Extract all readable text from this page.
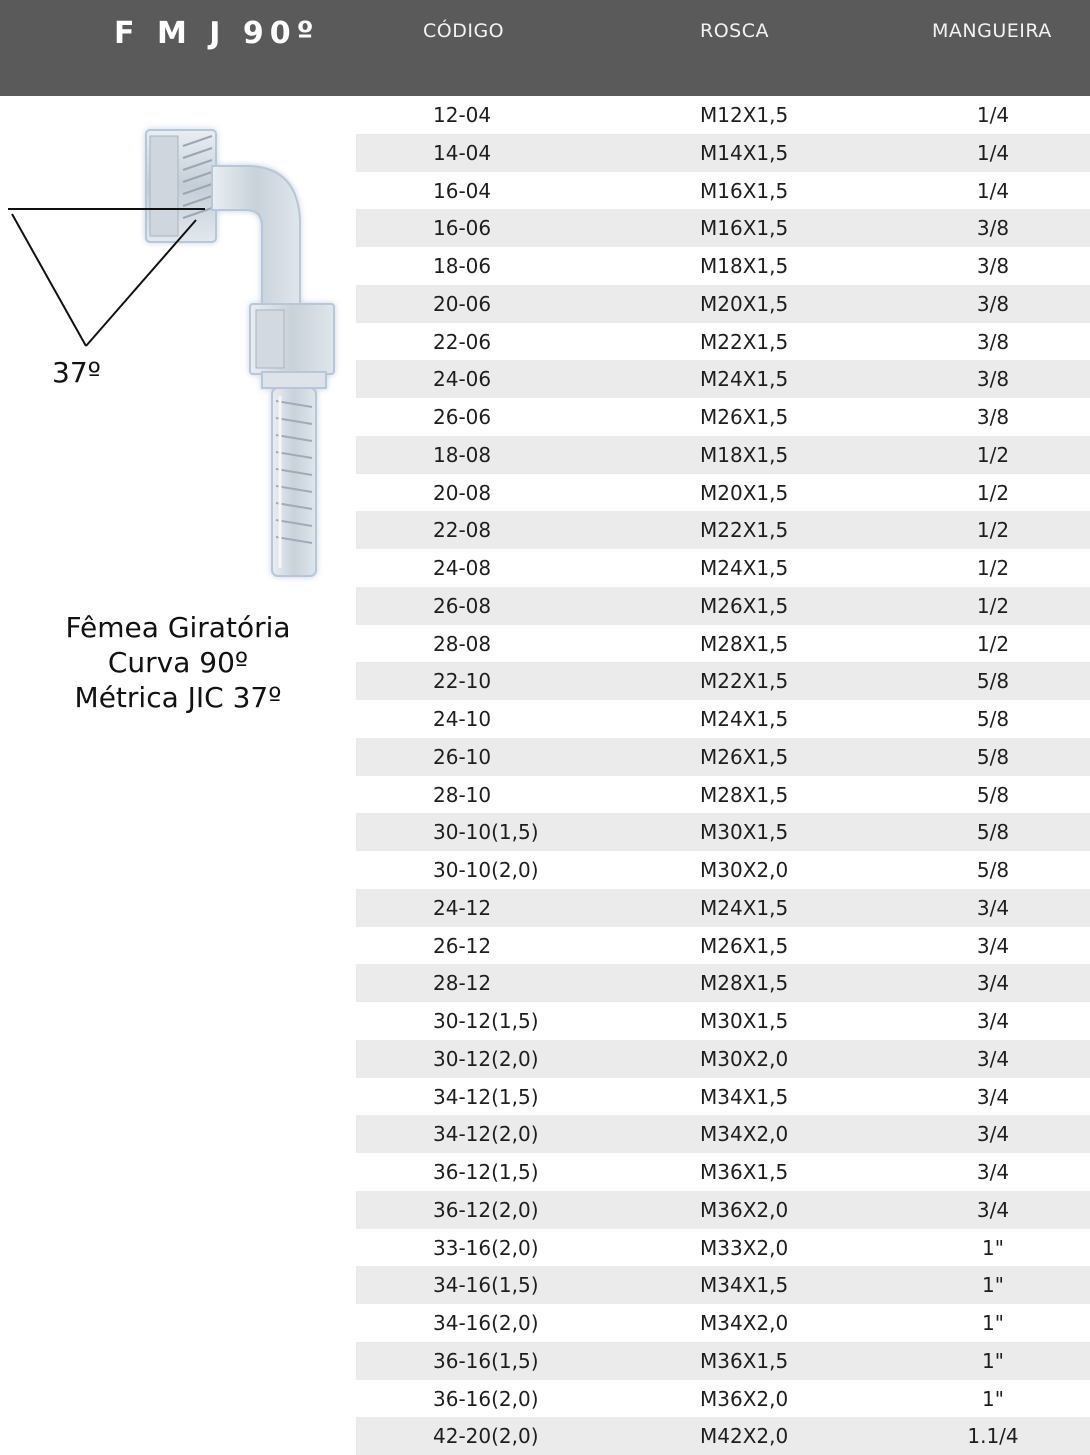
F M J 90º	CÓDIGO	ROSCA	MANGUEIRA
37º
Fêmea Giratória
Curva 90º
Métrica JIC 37º
12-04	M12X1,5	1/4
14-04	M14X1,5	1/4
16-04	M16X1,5	1/4
16-06	M16X1,5	3/8
18-06	M18X1,5	3/8
20-06	M20X1,5	3/8
22-06	M22X1,5	3/8
24-06	M24X1,5	3/8
26-06	M26X1,5	3/8
18-08	M18X1,5	1/2
20-08	M20X1,5	1/2
22-08	M22X1,5	1/2
24-08	M24X1,5	1/2
26-08	M26X1,5	1/2
28-08	M28X1,5	1/2
22-10	M22X1,5	5/8
24-10	M24X1,5	5/8
26-10	M26X1,5	5/8
28-10	M28X1,5	5/8
30-10(1,5)	M30X1,5	5/8
30-10(2,0)	M30X2,0	5/8
24-12	M24X1,5	3/4
26-12	M26X1,5	3/4
28-12	M28X1,5	3/4
30-12(1,5)	M30X1,5	3/4
30-12(2,0)	M30X2,0	3/4
34-12(1,5)	M34X1,5	3/4
34-12(2,0)	M34X2,0	3/4
36-12(1,5)	M36X1,5	3/4
36-12(2,0)	M36X2,0	3/4
33-16(2,0)	M33X2,0	1"
34-16(1,5)	M34X1,5	1"
34-16(2,0)	M34X2,0	1"
36-16(1,5)	M36X1,5	1"
36-16(2,0)	M36X2,0	1"
42-20(2,0)	M42X2,0	1.1/4
